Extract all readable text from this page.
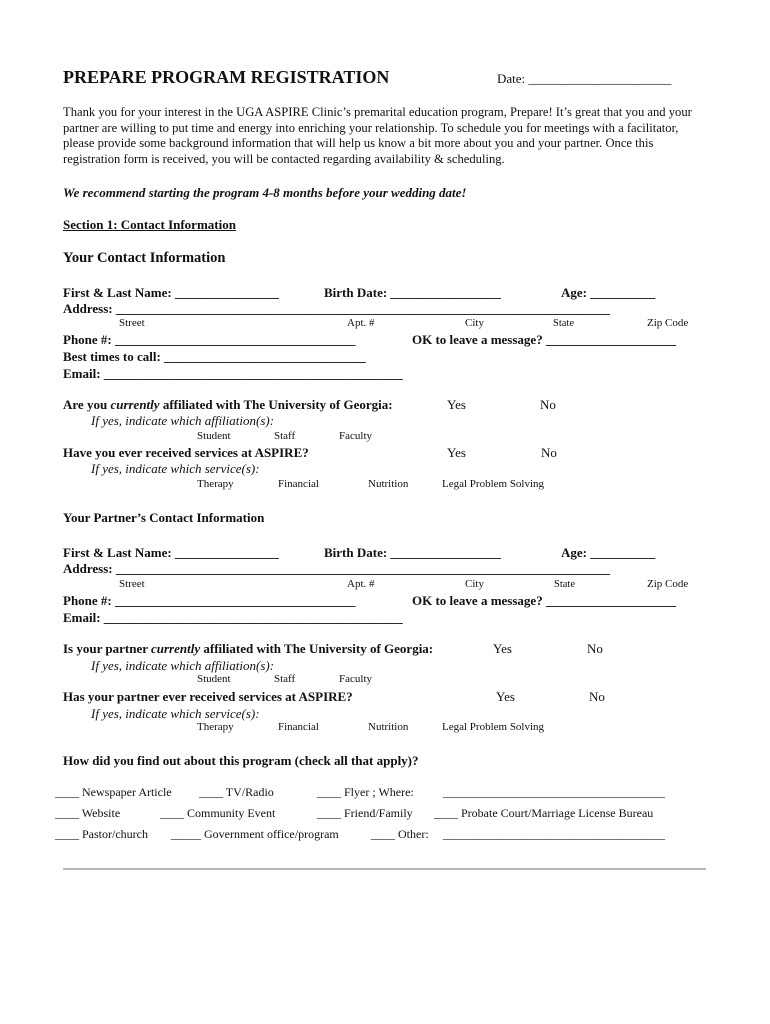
PREPARE PROGRAM REGISTRATION	Date: ______________________
Thank you for your interest in the UGA ASPIRE Clinic’s premarital education program, Prepare! It’s great that you and your partner are willing to put time and energy into enriching your relationship. To schedule you for meetings with a facilitator, please provide some background information that will help us know a bit more about you and your partner. Once this registration form is received, you will be contacted regarding availability & scheduling.
We recommend starting the program 4-8 months before your wedding date!
Section 1: Contact Information
Your Contact Information
First & Last Name: ________________	Birth Date: _________________	Age: __________
Address: ____________________________________________________________________________
Street	Apt. #	City	State	Zip Code
Phone #: _____________________________________	OK to leave a message? ____________________
Best times to call: _______________________________
Email: ______________________________________________
Are you currently affiliated with The University of Georgia:	Yes	No
If yes, indicate which affiliation(s):
Student	Staff	Faculty
Have you ever received services at ASPIRE?	Yes	No
If yes, indicate which service(s):
Therapy	Financial	Nutrition	Legal Problem Solving
Your Partner’s Contact Information
First & Last Name: ________________	Birth Date: _________________	Age: __________
Address: ____________________________________________________________________________
Street	Apt. #	City	State	Zip Code
Phone #: _____________________________________	OK to leave a message? ____________________
Email: ______________________________________________
Is your partner currently affiliated with The University of Georgia:	Yes	No
If yes, indicate which affiliation(s):
Student	Staff	Faculty
Has your partner ever received services at ASPIRE?	Yes	No
If yes, indicate which service(s):
Therapy	Financial	Nutrition	Legal Problem Solving
How did you find out about this program (check all that apply)?
____ Newspaper Article ____ TV/Radio	____ Flyer ; Where: _____________________________________
____ Website	____ Community Event	____ Friend/Family ____ Probate Court/Marriage License Bureau
____ Pastor/church _____ Government office/program	____ Other: _____________________________________
